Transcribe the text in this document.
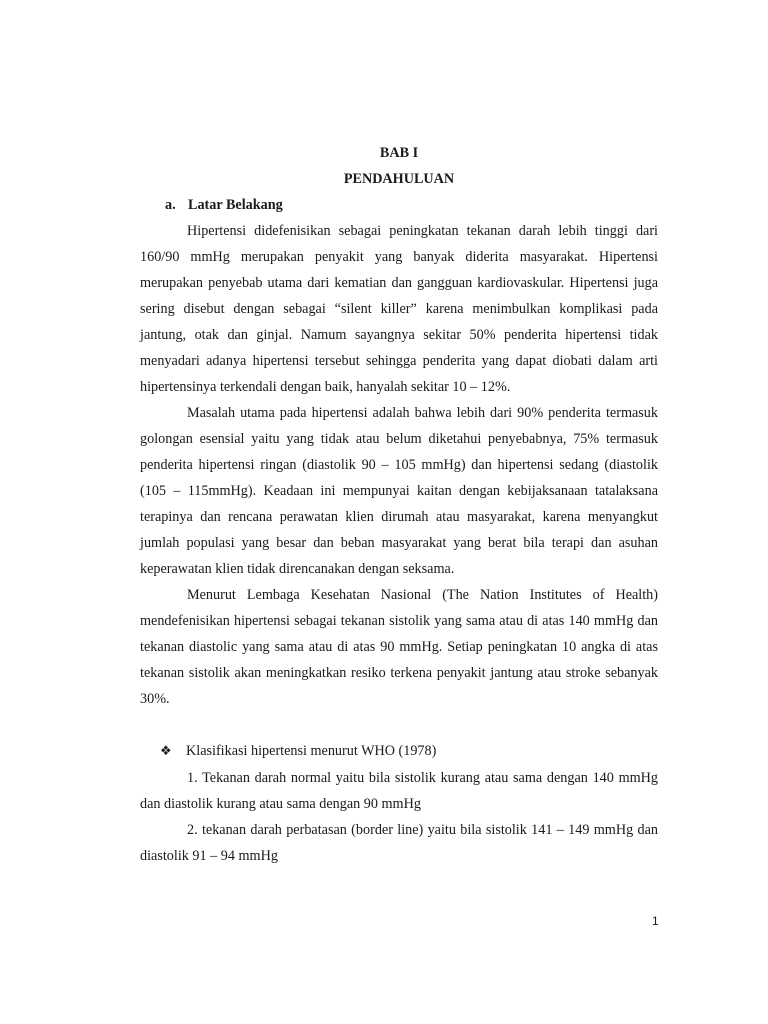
BAB I
PENDAHULUAN
a. Latar Belakang

Hipertensi didefenisikan sebagai peningkatan tekanan darah lebih tinggi dari 160/90 mmHg merupakan penyakit yang banyak diderita masyarakat. Hipertensi merupakan penyebab utama dari kematian dan gangguan kardiovaskular. Hipertensi juga sering disebut dengan sebagai “silent killer” karena menimbulkan komplikasi pada jantung, otak dan ginjal. Namum sayangnya sekitar 50% penderita hipertensi tidak menyadari adanya hipertensi tersebut sehingga penderita yang dapat diobati dalam arti hipertensinya terkendali dengan baik, hanyalah sekitar 10 – 12%.

Masalah utama pada hipertensi adalah bahwa lebih dari 90% penderita termasuk golongan esensial yaitu yang tidak atau belum diketahui penyebabnya, 75% termasuk penderita hipertensi ringan (diastolik 90 – 105 mmHg) dan hipertensi sedang (diastolik (105 – 115mmHg). Keadaan ini mempunyai kaitan dengan kebijaksanaan tatalaksana terapinya dan rencana perawatan klien dirumah atau masyarakat, karena menyangkut jumlah populasi yang besar dan beban masyarakat yang berat bila terapi dan asuhan keperawatan klien tidak direncanakan dengan seksama.

Menurut Lembaga Kesehatan Nasional (The Nation Institutes of Health) mendefenisikan hipertensi sebagai tekanan sistolik yang sama atau di atas 140 mmHg dan tekanan diastolic yang sama atau di atas 90 mmHg. Setiap peningkatan 10 angka di atas tekanan sistolik akan meningkatkan resiko terkena penyakit jantung atau stroke sebanyak 30%.

❖ Klasifikasi hipertensi menurut WHO (1978)

1. Tekanan darah normal yaitu bila sistolik kurang atau sama dengan 140 mmHg dan diastolik kurang atau sama dengan 90 mmHg

2. tekanan darah perbatasan (border line) yaitu bila sistolik 141 – 149 mmHg dan diastolik 91 – 94 mmHg

1
